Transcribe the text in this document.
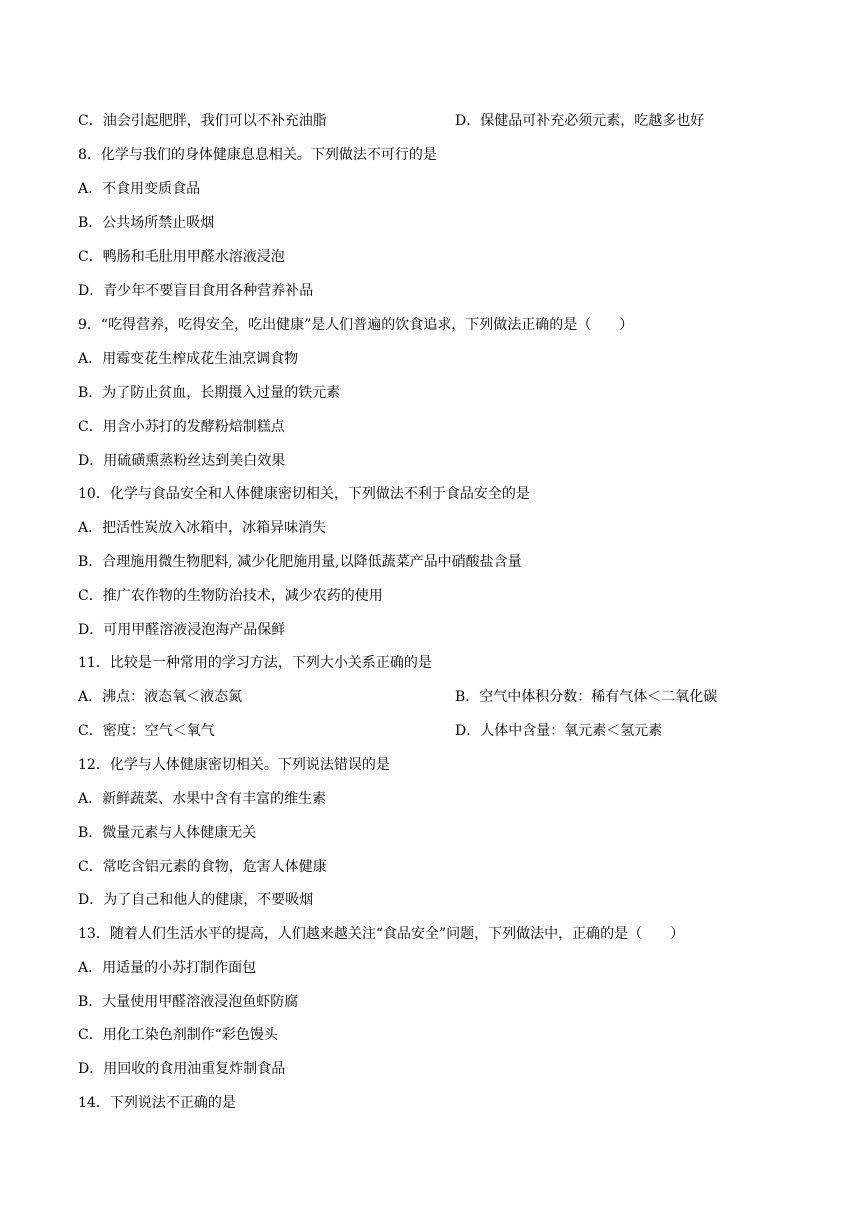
C．油会引起肥胖，我们可以不补充油脂	D．保健品可补充必须元素，吃越多也好
8．化学与我们的身体健康息息相关。下列做法不可行的是
A．不食用变质食品
B．公共场所禁止吸烟
C．鸭肠和毛肚用甲醛水溶液浸泡
D．青少年不要盲目食用各种营养补品
9．“吃得营养，吃得安全，吃出健康”是人们普遍的饮食追求，下列做法正确的是（　　）
A．用霉变花生榨成花生油烹调食物
B．为了防止贫血，长期摄入过量的铁元素
C．用含小苏打的发酵粉焙制糕点
D．用硫磺熏蒸粉丝达到美白效果
10．化学与食品安全和人体健康密切相关，下列做法不利于食品安全的是
A．把活性炭放入冰箱中，冰箱异味消失
B．合理施用微生物肥料, 减少化肥施用量,以降低蔬菜产品中硝酸盐含量
C．推广农作物的生物防治技术，减少农药的使用
D．可用甲醛溶液浸泡海产品保鲜
11．比较是一种常用的学习方法，下列大小关系正确的是
A．沸点：液态氧＜液态氮	B．空气中体积分数：稀有气体＜二氧化碳
C．密度：空气＜氧气	D．人体中含量：氧元素＜氢元素
12．化学与人体健康密切相关。下列说法错误的是
A．新鲜蔬菜、水果中含有丰富的维生素
B．微量元素与人体健康无关
C．常吃含铝元素的食物，危害人体健康
D．为了自己和他人的健康，不要吸烟
13．随着人们生活水平的提高，人们越来越关注“食品安全”问题，下列做法中，正确的是（　　）
A．用适量的小苏打制作面包
B．大量使用甲醛溶液浸泡鱼虾防腐
C．用化工染色剂制作“彩色馒头
D．用回收的食用油重复炸制食品
14．下列说法不正确的是
